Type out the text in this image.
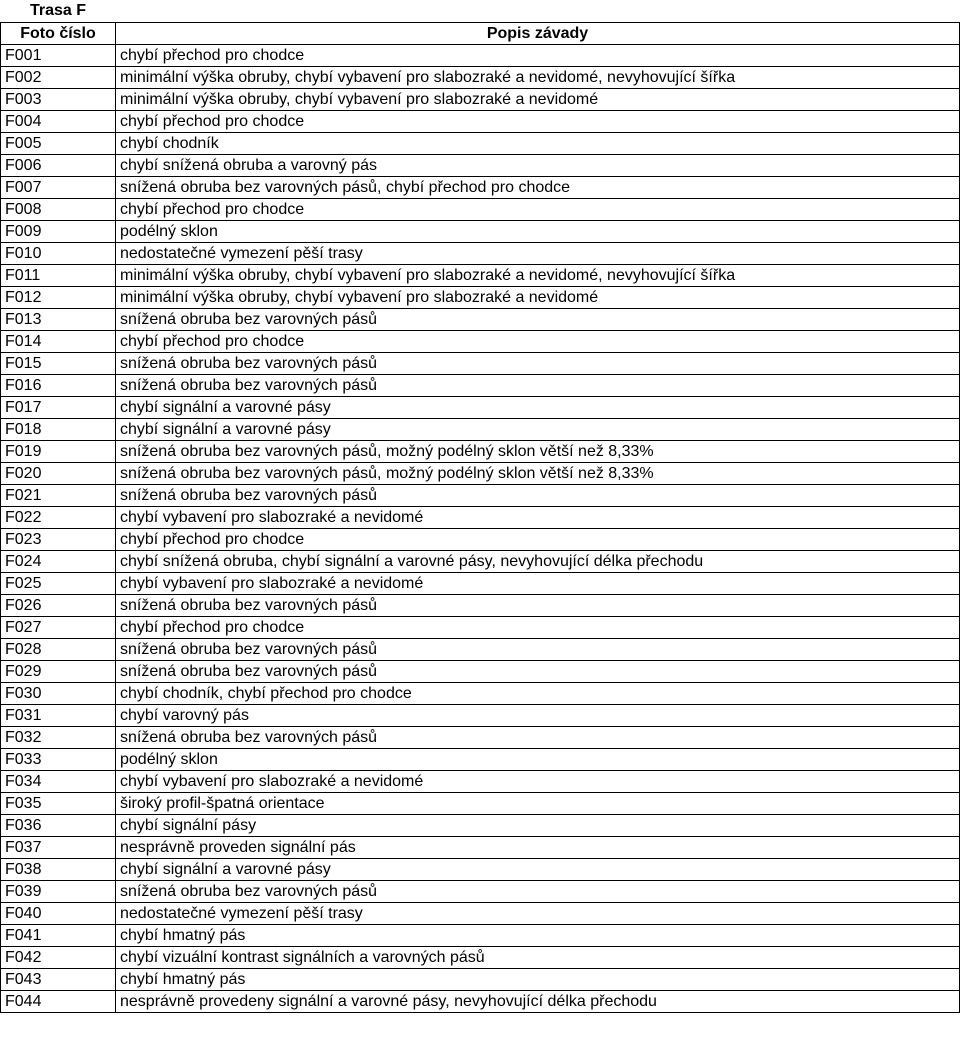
Trasa F
Foto číslo	Popis závady
F001	chybí přechod pro chodce
F002	minimální výška obruby, chybí vybavení pro slabozraké a nevidomé, nevyhovující šířka
F003	minimální výška obruby, chybí vybavení pro slabozraké a nevidomé
F004	chybí přechod pro chodce
F005	chybí chodník
F006	chybí snížená obruba a varovný pás
F007	snížená obruba bez varovných pásů, chybí přechod pro chodce
F008	chybí přechod pro chodce
F009	podélný sklon
F010	nedostatečné vymezení pěší trasy
F011	minimální výška obruby, chybí vybavení pro slabozraké a nevidomé, nevyhovující šířka
F012	minimální výška obruby, chybí vybavení pro slabozraké a nevidomé
F013	snížená obruba bez varovných pásů
F014	chybí přechod pro chodce
F015	snížená obruba bez varovných pásů
F016	snížená obruba bez varovných pásů
F017	chybí signální a varovné pásy
F018	chybí signální a varovné pásy
F019	snížená obruba bez varovných pásů, možný podélný sklon větší než 8,33%
F020	snížená obruba bez varovných pásů, možný podélný sklon větší než 8,33%
F021	snížená obruba bez varovných pásů
F022	chybí vybavení pro slabozraké a nevidomé
F023	chybí přechod pro chodce
F024	chybí snížená obruba, chybí signální a varovné pásy, nevyhovující délka přechodu
F025	chybí vybavení pro slabozraké a nevidomé
F026	snížená obruba bez varovných pásů
F027	chybí přechod pro chodce
F028	snížená obruba bez varovných pásů
F029	snížená obruba bez varovných pásů
F030	chybí chodník, chybí přechod pro chodce
F031	chybí varovný pás
F032	snížená obruba bez varovných pásů
F033	podélný sklon
F034	chybí vybavení pro slabozraké a nevidomé
F035	široký profil-špatná orientace
F036	chybí signální pásy
F037	nesprávně proveden signální pás
F038	chybí signální a varovné pásy
F039	snížená obruba bez varovných pásů
F040	nedostatečné vymezení pěší trasy
F041	chybí hmatný pás
F042	chybí vizuální kontrast signálních a varovných pásů
F043	chybí hmatný pás
F044	nesprávně provedeny signální a varovné pásy, nevyhovující délka přechodu
